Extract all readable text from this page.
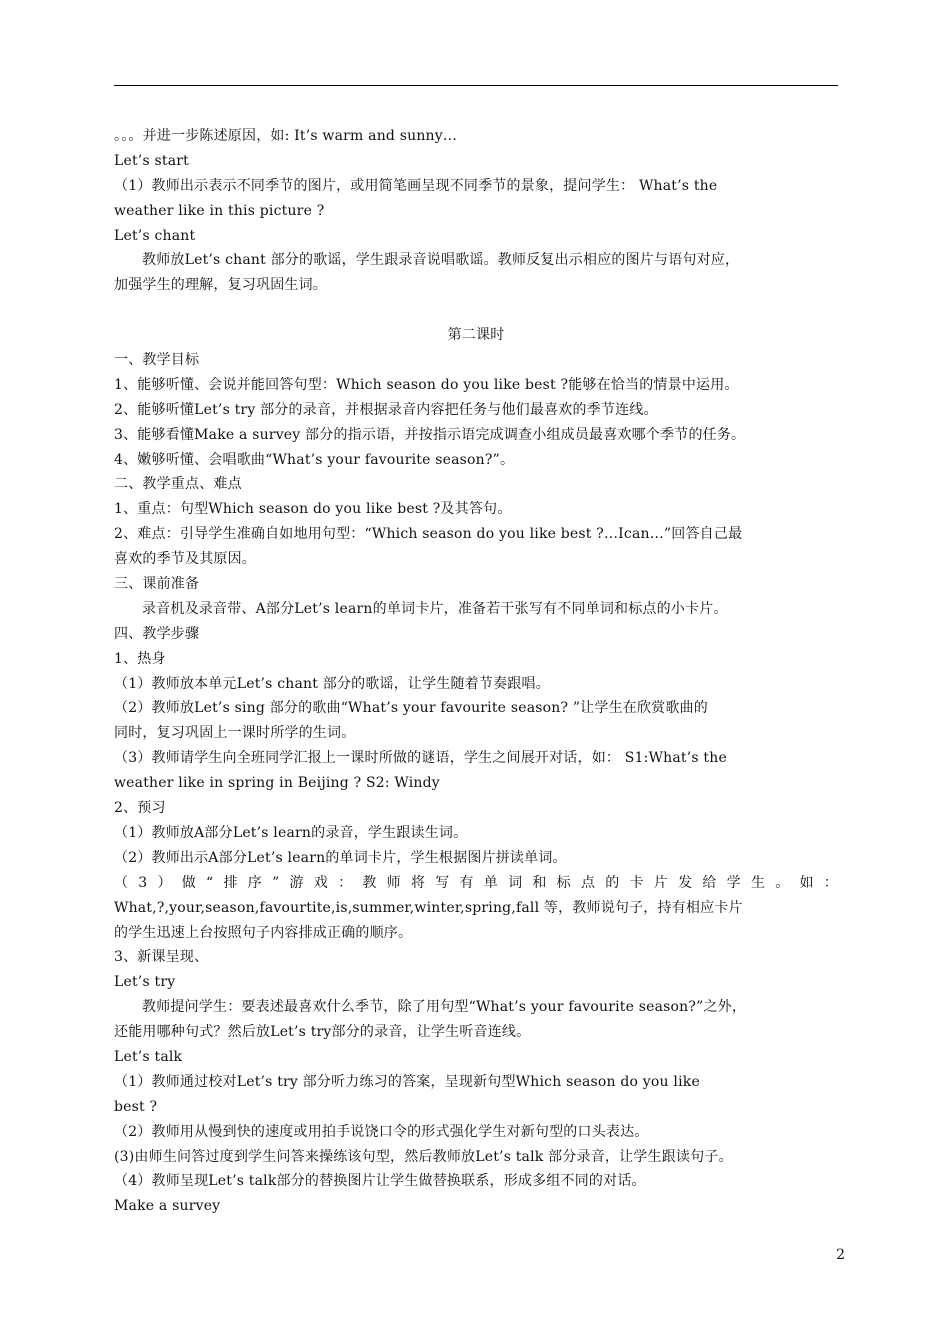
。。。并进一步陈述原因，如: It’s warm and sunny…
Let’s start
（1）教师出示表示不同季节的图片，或用简笔画呈现不同季节的景象，提问学生： What’s the
weather like in this picture ?
Let’s chant
教师放Let’s chant 部分的歌谣，学生跟录音说唱歌谣。教师反复出示相应的图片与语句对应，
加强学生的理解，复习巩固生词。
第二课时
一、教学目标
1、能够听懂、会说并能回答句型：Which season do you like best ?能够在恰当的情景中运用。
2、能够听懂Let’s try 部分的录音，并根据录音内容把任务与他们最喜欢的季节连线。
3、能够看懂Make a survey 部分的指示语，并按指示语完成调查小组成员最喜欢哪个季节的任务。
4、嫩够听懂、会唱歌曲“What’s your favourite season?”。
二、教学重点、难点
1、重点：句型Which season do you like best ?及其答句。
2、难点：引导学生准确自如地用句型：“Which season do you like best ?…Ican…”回答自己最
喜欢的季节及其原因。
三、课前准备
录音机及录音带、A部分Let’s learn的单词卡片，准备若干张写有不同单词和标点的小卡片。
四、教学步骤
1、热身
（1）教师放本单元Let’s chant 部分的歌谣，让学生随着节奏跟唱。
（2）教师放Let’s sing 部分的歌曲“What’s your favourite season? ”让学生在欣赏歌曲的
同时，复习巩固上一课时所学的生词。
（3）教师请学生向全班同学汇报上一课时所做的谜语，学生之间展开对话，如： S1:What’s the
weather like in spring in Beijing ? S2: Windy
2、预习
（1）教师放A部分Let’s learn的录音，学生跟读生词。
（2）教师出示A部分Let’s learn的单词卡片，学生根据图片拼读单词。
（3）做“排序”游戏：教师将写有单词和标点的卡片发给学生。如：
What,?,your,season,favourtite,is,summer,winter,spring,fall 等，教师说句子，持有相应卡片
的学生迅速上台按照句子内容排成正确的顺序。
3、新课呈现、
Let’s try
教师提问学生：要表述最喜欢什么季节，除了用句型“What’s your favourite season?”之外，
还能用哪种句式？然后放Let’s try部分的录音，让学生听音连线。
Let’s talk
（1）教师通过校对Let’s try 部分听力练习的答案，呈现新句型Which season do you like
best ?
（2）教师用从慢到快的速度或用拍手说饶口令的形式强化学生对新句型的口头表达。
(3)由师生问答过度到学生问答来操练该句型，然后教师放Let’s talk 部分录音，让学生跟读句子。
（4）教师呈现Let’s talk部分的替换图片让学生做替换联系，形成多组不同的对话。
Make a survey
2
